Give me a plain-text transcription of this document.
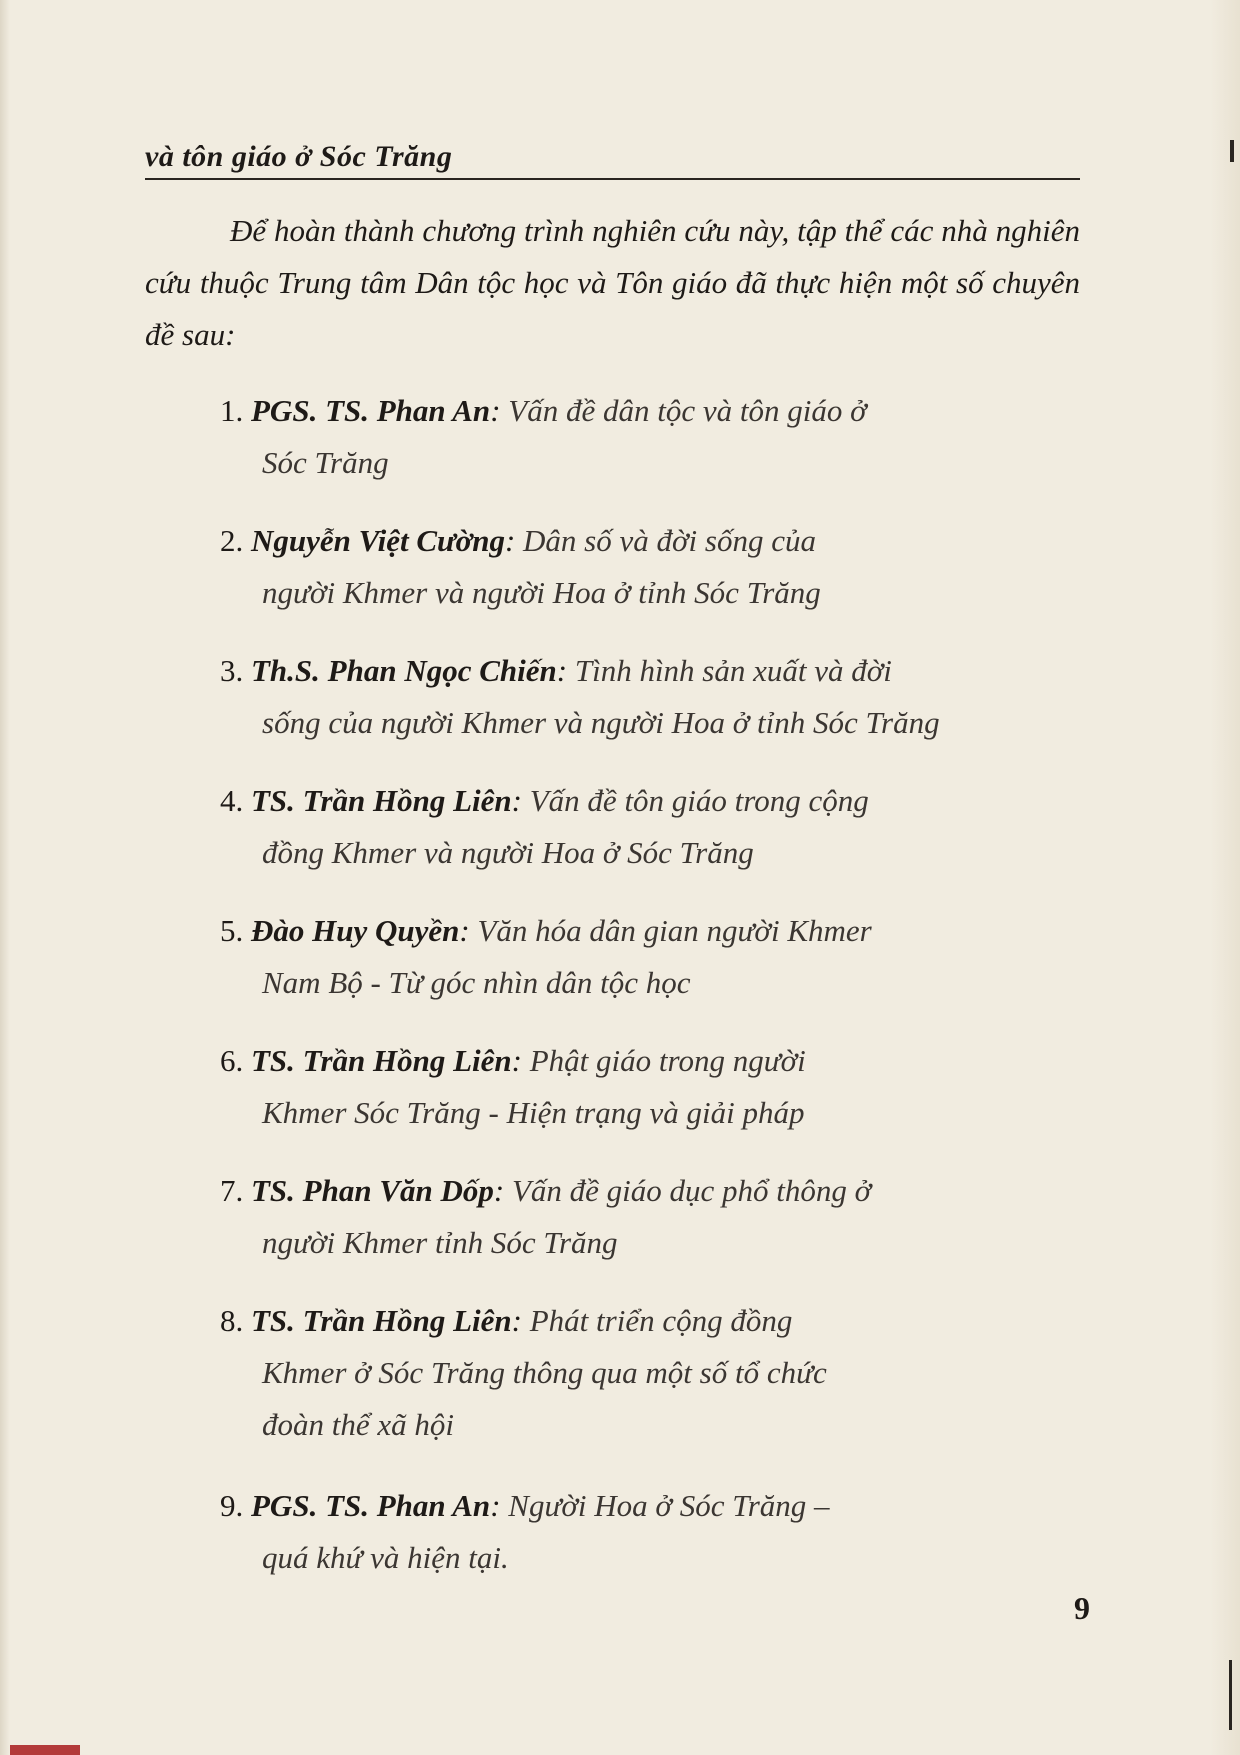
và tôn giáo ở Sóc Trăng

Để hoàn thành chương trình nghiên cứu này, tập thể các nhà nghiên cứu thuộc Trung tâm Dân tộc học và Tôn giáo đã thực hiện một số chuyên đề sau:

1. PGS. TS. Phan An: Vấn đề dân tộc và tôn giáo ở
Sóc Trăng

2. Nguyễn Việt Cường: Dân số và đời sống của
người Khmer và người Hoa ở tỉnh Sóc Trăng

3. Th.S. Phan Ngọc Chiến: Tình hình sản xuất và đời
sống của người Khmer và người Hoa ở tỉnh Sóc Trăng

4. TS. Trần Hồng Liên: Vấn đề tôn giáo trong cộng
đồng Khmer và người Hoa ở Sóc Trăng

5. Đào Huy Quyền: Văn hóa dân gian người Khmer
Nam Bộ - Từ góc nhìn dân tộc học

6. TS. Trần Hồng Liên: Phật giáo trong người
Khmer Sóc Trăng - Hiện trạng và giải pháp

7. TS. Phan Văn Dốp: Vấn đề giáo dục phổ thông ở
người Khmer tỉnh Sóc Trăng

8. TS. Trần Hồng Liên: Phát triển cộng đồng
Khmer ở Sóc Trăng thông qua một số tổ chức
đoàn thể xã hội

9. PGS. TS. Phan An: Người Hoa ở Sóc Trăng –
quá khứ và hiện tại.

9
